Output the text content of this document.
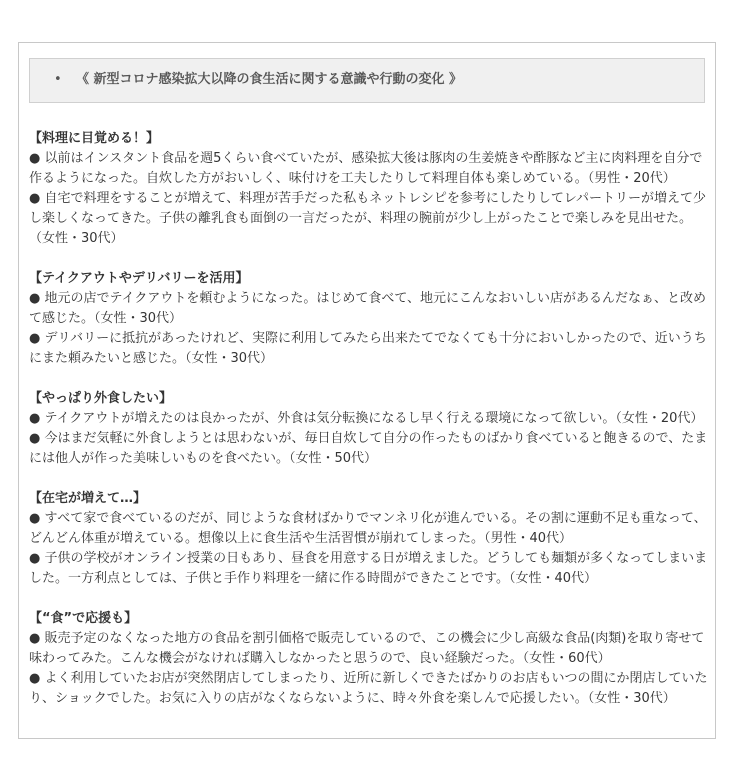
• 《 新型コロナ感染拡大以降の食生活に関する意識や行動の変化 》
【料理に目覚める！】

● 以前はインスタント食品を週5くらい食べていたが、感染拡大後は豚肉の生姜焼きや酢豚など主に肉料理を自分で作るようになった。自炊した方がおいしく、味付けを工夫したりして料理自体も楽しめている。（男性・20代）

● 自宅で料理をすることが増えて、料理が苦手だった私もネットレシピを参考にしたりしてレパートリーが増えて少し楽しくなってきた。子供の離乳食も面倒の一言だったが、料理の腕前が少し上がったことで楽しみを見出せた。（女性・30代）

【テイクアウトやデリバリーを活用】

● 地元の店でテイクアウトを頼むようになった。はじめて食べて、地元にこんなおいしい店があるんだなぁ、と改めて感じた。（女性・30代）

● デリバリーに抵抗があったけれど、実際に利用してみたら出来たてでなくても十分においしかったので、近いうちにまた頼みたいと感じた。（女性・30代）

【やっぱり外食したい】

● テイクアウトが増えたのは良かったが、外食は気分転換になるし早く行える環境になって欲しい。（女性・20代）

● 今はまだ気軽に外食しようとは思わないが、毎日自炊して自分の作ったものばかり食べていると飽きるので、たまには他人が作った美味しいものを食べたい。（女性・50代）

【在宅が増えて…】

● すべて家で食べているのだが、同じような食材ばかりでマンネリ化が進んでいる。その割に運動不足も重なって、どんどん体重が増えている。想像以上に食生活や生活習慣が崩れてしまった。（男性・40代）

● 子供の学校がオンライン授業の日もあり、昼食を用意する日が増えました。どうしても麺類が多くなってしまいました。一方利点としては、子供と手作り料理を一緒に作る時間ができたことです。（女性・40代）

【“食”で応援も】

● 販売予定のなくなった地方の食品を割引価格で販売しているので、この機会に少し高級な食品(肉類)を取り寄せて味わってみた。こんな機会がなければ購入しなかったと思うので、良い経験だった。（女性・60代）

● よく利用していたお店が突然閉店してしまったり、近所に新しくできたばかりのお店もいつの間にか閉店していたり、ショックでした。お気に入りの店がなくならないように、時々外食を楽しんで応援したい。（女性・30代）
